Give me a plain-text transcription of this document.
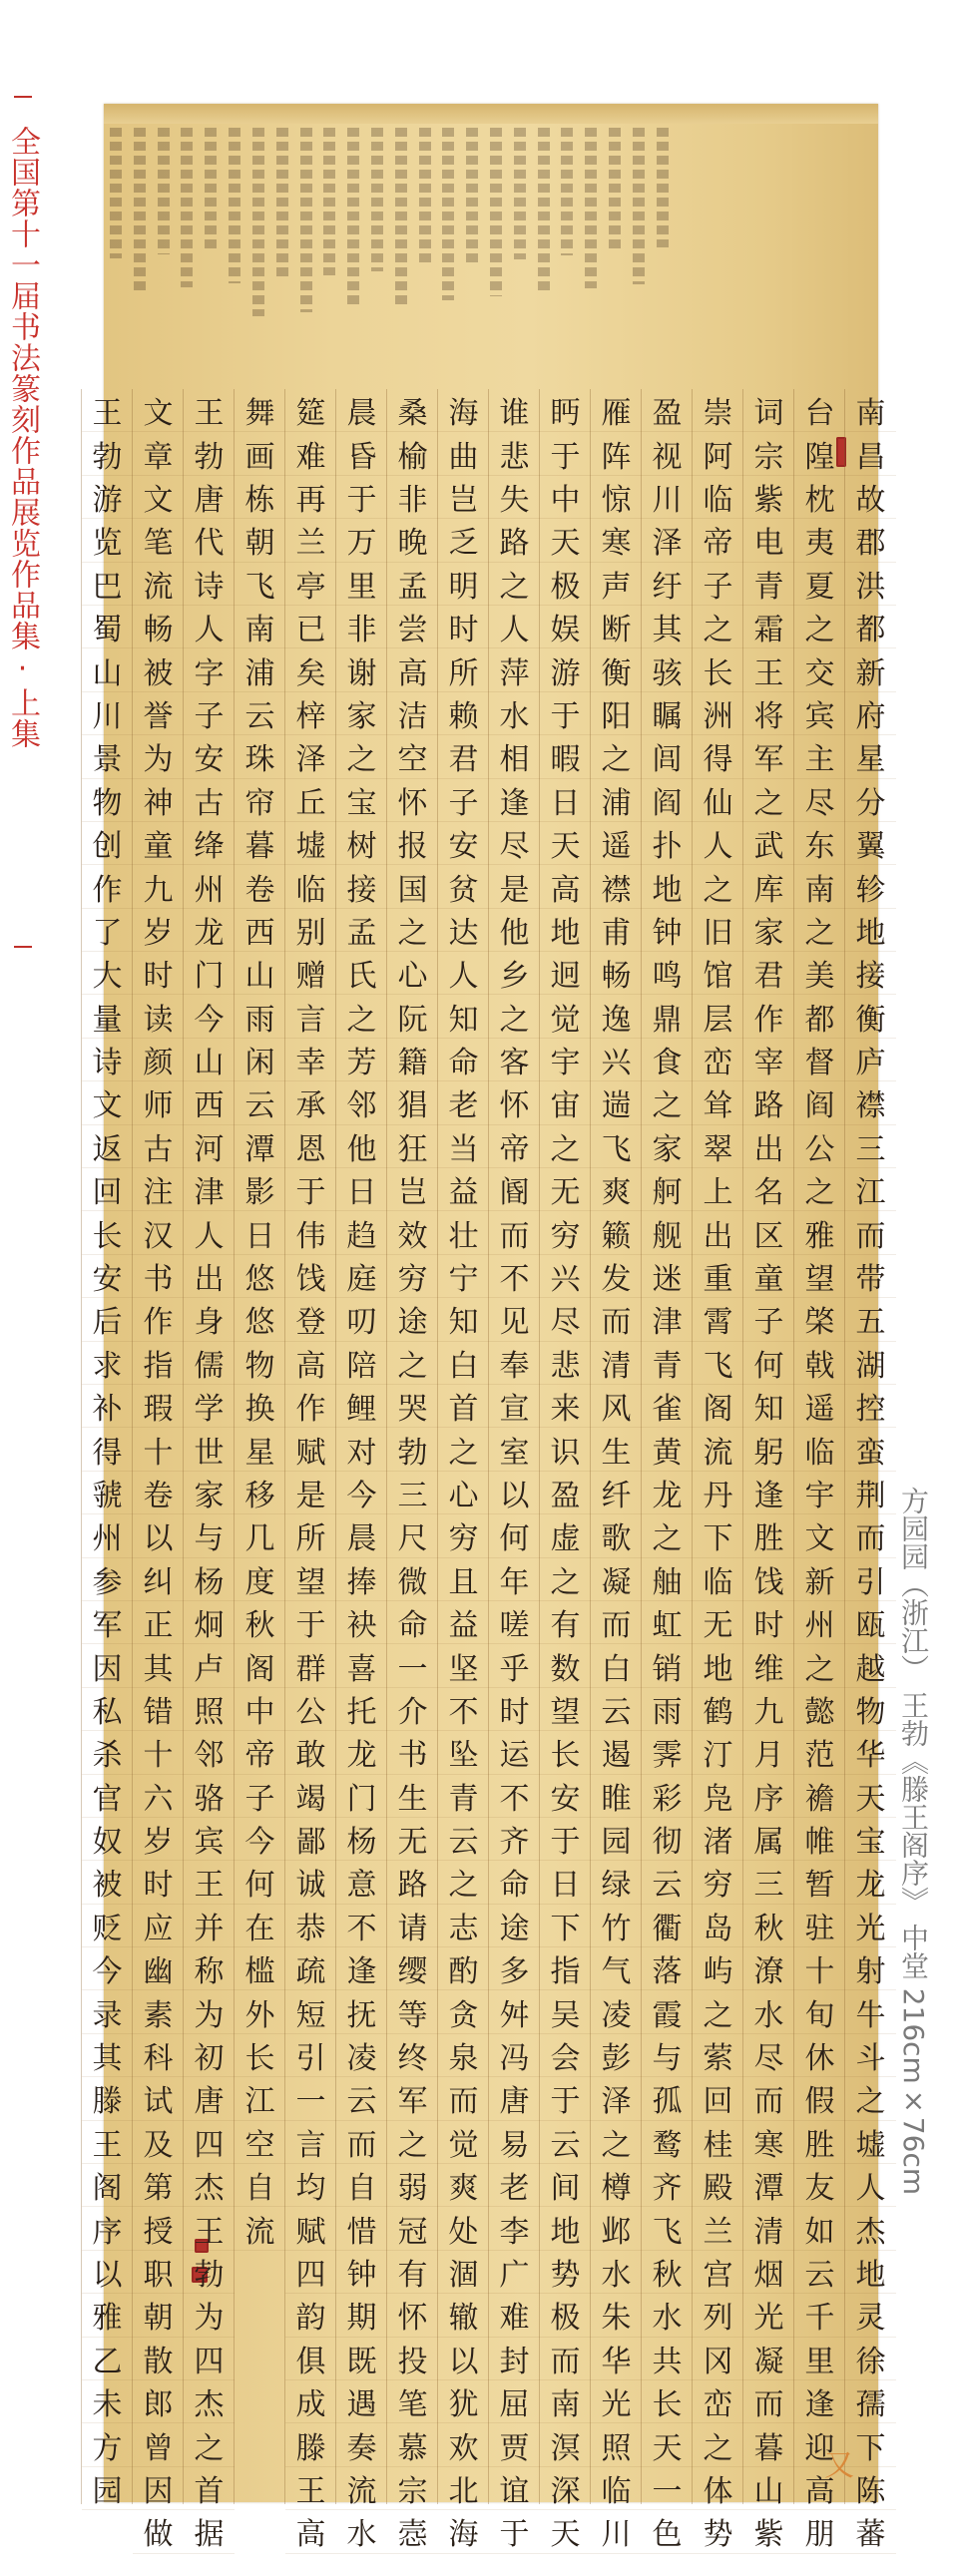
全国第十一届书法篆刻作品展览作品集·上集	南
昌
故
郡
洪
都
新
府
星
分
翼
轸
地
接
衡
庐
襟
三
江
而
带
五
湖
控
蛮
荆
而
引
瓯
越
物
华
天
宝
龙
光
射
牛
斗
之
墟
人
杰
地
灵
徐
孺
下
陈
蕃
台
隍
枕
夷
夏
之
交
宾
主
尽
东
南
之
美
都
督
阎
公
之
雅
望
棨
戟
遥
临
宇
文
新
州
之
懿
范
襜
帷
暂
驻
十
旬
休
假
胜
友
如
云
千
里
逢
迎
高
朋
词
宗
紫
电
青
霜
王
将
军
之
武
库
家
君
作
宰
路
出
名
区
童
子
何
知
躬
逢
胜
饯
时
维
九
月
序
属
三
秋
潦
水
尽
而
寒
潭
清
烟
光
凝
而
暮
山
紫
崇
阿
临
帝
子
之
长
洲
得
仙
人
之
旧
馆
层
峦
耸
翠
上
出
重
霄
飞
阁
流
丹
下
临
无
地
鹤
汀
凫
渚
穷
岛
屿
之
萦
回
桂
殿
兰
宫
列
冈
峦
之
体
势
盈
视
川
泽
纡
其
骇
瞩
闾
阎
扑
地
钟
鸣
鼎
食
之
家
舸
舰
迷
津
青
雀
黄
龙
之
舳
虹
销
雨
霁
彩
彻
云
衢
落
霞
与
孤
鹜
齐
飞
秋
水
共
长
天
一
色
雁
阵
惊
寒
声
断
衡
阳
之
浦
遥
襟
甫
畅
逸
兴
遄
飞
爽
籁
发
而
清
风
生
纤
歌
凝
而
白
云
遏
睢
园
绿
竹
气
凌
彭
泽
之
樽
邺
水
朱
华
光
照
临
川
眄
于
中
天
极
娱
游
于
暇
日
天
高
地
迥
觉
宇
宙
之
无
穷
兴
尽
悲
来
识
盈
虚
之
有
数
望
长
安
于
日
下
指
吴
会
于
云
间
地
势
极
而
南
溟
深
天
谁
悲
失
路
之
人
萍
水
相
逢
尽
是
他
乡
之
客
怀
帝
阍
而
不
见
奉
宣
室
以
何
年
嗟
乎
时
运
不
齐
命
途
多
舛
冯
唐
易
老
李
广
难
封
屈
贾
谊
于
海
曲
岂
乏
明
时
所
赖
君
子
安
贫
达
人
知
命
老
当
益
壮
宁
知
白
首
之
心
穷
且
益
坚
不
坠
青
云
之
志
酌
贪
泉
而
觉
爽
处
涸
辙
以
犹
欢
北
海
桑
榆
非
晚
孟
尝
高
洁
空
怀
报
国
之
心
阮
籍
猖
狂
岂
效
穷
途
之
哭
勃
三
尺
微
命
一
介
书
生
无
路
请
缨
等
终
军
之
弱
冠
有
怀
投
笔
慕
宗
悫
晨
昏
于
万
里
非
谢
家
之
宝
树
接
孟
氏
之
芳
邻
他
日
趋
庭
叨
陪
鲤
对
今
晨
捧
袂
喜
托
龙
门
杨
意
不
逢
抚
凌
云
而
自
惜
钟
期
既
遇
奏
流
水
筵
难
再
兰
亭
已
矣
梓
泽
丘
墟
临
别
赠
言
幸
承
恩
于
伟
饯
登
高
作
赋
是
所
望
于
群
公
敢
竭
鄙
诚
恭
疏
短
引
一
言
均
赋
四
韵
俱
成
滕
王
高
舞
画
栋
朝
飞
南
浦
云
珠
帘
暮
卷
西
山
雨
闲
云
潭
影
日
悠
悠
物
换
星
移
几
度
秋
阁
中
帝
子
今
何
在
槛
外
长
江
空
自
流
王
勃
唐
代
诗
人
字
子
安
古
绛
州
龙
门
今
山
西
河
津
人
出
身
儒
学
世
家
与
杨
炯
卢
照
邻
骆
宾
王
并
称
为
初
唐
四
杰
王
勃
为
四
杰
之
首
据
文
章
文
笔
流
畅
被
誉
为
神
童
九
岁
时
读
颜
师
古
注
汉
书
作
指
瑕
十
卷
以
纠
正
其
错
十
六
岁
时
应
幽
素
科
试
及
第
授
职
朝
散
郎
曾
因
做
王
勃
游
览
巴
蜀
山
川
景
物
创
作
了
大
量
诗
文
返
回
长
安
后
求
补
得
虢
州
参
军
因
私
杀
官
奴
被
贬
今
录
其
滕
王
阁
序
以
雅
乙
未
方
园
方园园（浙江） 王勃《滕王阁序》 中堂 216cm×76cm
又
